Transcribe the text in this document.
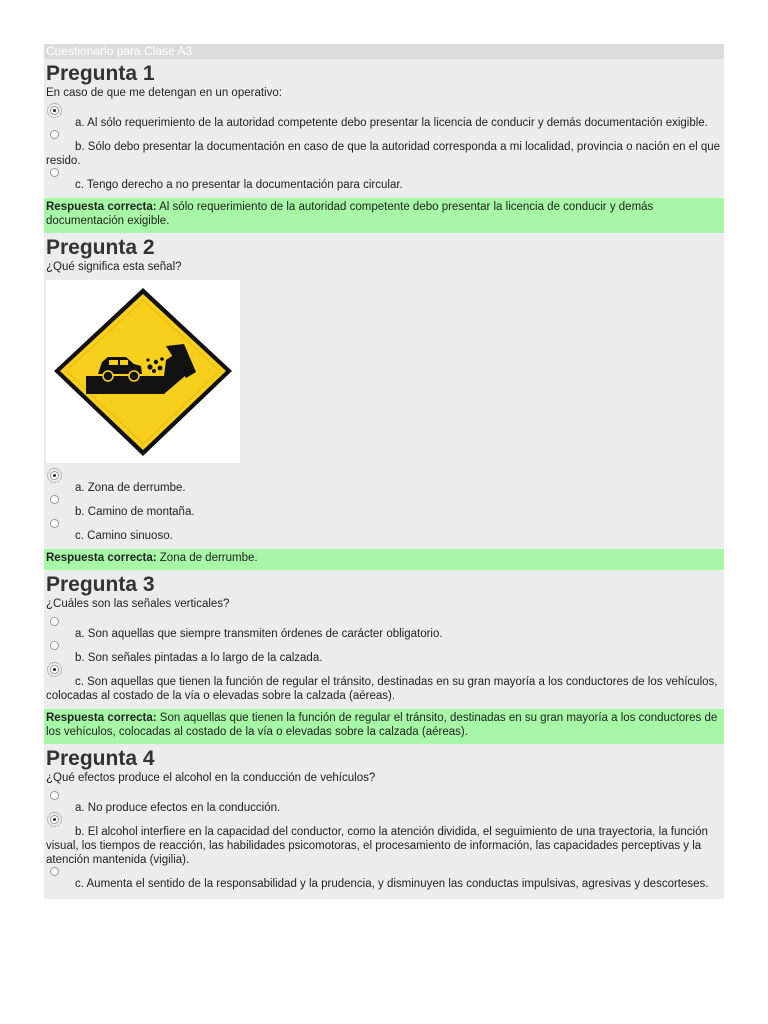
Cuestionario para Clase A3
Pregunta 1
En caso de que me detengan en un operativo:
a. Al sólo requerimiento de la autoridad competente debo presentar la licencia de conducir y demás documentación exigible.
b. Sólo debo presentar la documentación en caso de que la autoridad corresponda a mi localidad, provincia o nación en el que resido.
c. Tengo derecho a no presentar la documentación para circular.
Respuesta correcta: Al sólo requerimiento de la autoridad competente debo presentar la licencia de conducir y demás documentación exigible.
Pregunta 2
¿Qué significa esta señal?
a. Zona de derrumbe.
b. Camino de montaña.
c. Camino sinuoso.
Respuesta correcta: Zona de derrumbe.
Pregunta 3
¿Cuáles son las señales verticales?
a. Son aquellas que siempre transmiten órdenes de carácter obligatorio.
b. Son señales pintadas a lo largo de la calzada.
c. Son aquellas que tienen la función de regular el tránsito, destinadas en su gran mayoría a los conductores de los vehículos, colocadas al costado de la vía o elevadas sobre la calzada (aéreas).
Respuesta correcta: Son aquellas que tienen la función de regular el tránsito, destinadas en su gran mayoría a los conductores de los vehículos, colocadas al costado de la vía o elevadas sobre la calzada (aéreas).
Pregunta 4
¿Qué efectos produce el alcohol en la conducción de vehículos?
a. No produce efectos en la conducción.
b. El alcohol interfiere en la capacidad del conductor, como la atención dividida, el seguimiento de una trayectoria, la función visual, los tiempos de reacción, las habilidades psicomotoras, el procesamiento de información, las capacidades perceptivas y la atención mantenida (vigilia).
c. Aumenta el sentido de la responsabilidad y la prudencia, y disminuyen las conductas impulsivas, agresivas y descorteses.
